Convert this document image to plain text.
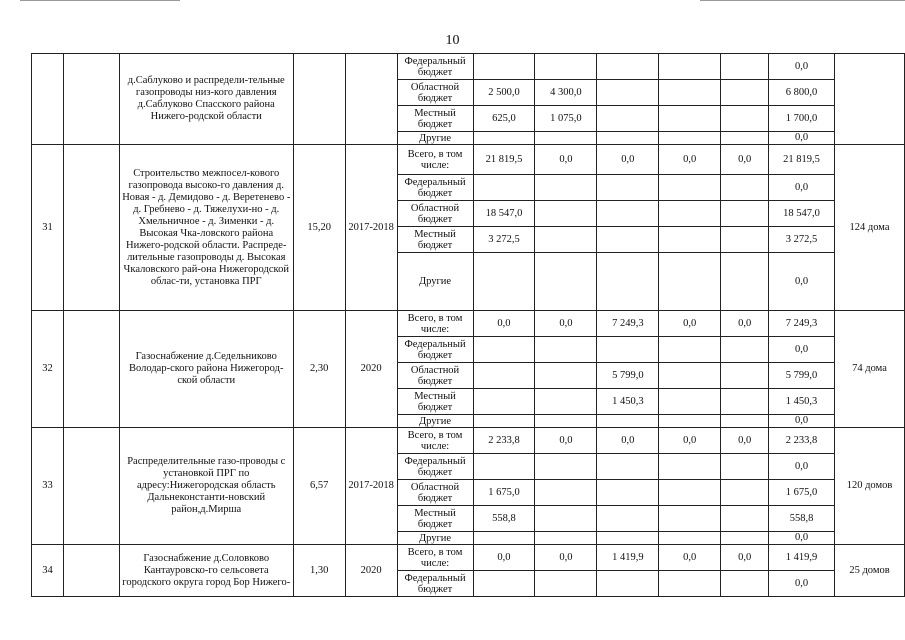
10
		д.Саблуково и распредели-тельные газопроводы низ-кого давления д.Саблуково Спасского района Нижего-родской области			Федеральный бюджет						0,0	
					Областной бюджет	2 500,0	4 300,0				6 800,0	
					Местный бюджет	625,0	1 075,0				1 700,0	
					Другие						0,0	
31		Строительство межпосел-кового газопровода высоко-го давления д. Новая - д. Демидово - д. Веретенево - д. Гребнево - д. Тяжелухи-но - д. Хмельничное - д. Зименки - д. Высокая Чка-ловского района Нижего-родской области. Распреде-лительные газопроводы д. Высокая Чкаловского рай-она Нижегородской облас-ти, установка ПРГ	15,20	2017-2018	Всего, в том числе:	21 819,5	0,0	0,0	0,0	0,0	21 819,5	124 дома
					Федеральный бюджет						0,0	
					Областной бюджет	18 547,0					18 547,0	
					Местный бюджет	3 272,5					3 272,5	
					Другие						0,0	
32		Газоснабжение д.Седельниково Володар-ского района Нижегород-ской области	2,30	2020	Всего, в том числе:	0,0	0,0	7 249,3	0,0	0,0	7 249,3	74 дома
					Федеральный бюджет						0,0	
					Областной бюджет			5 799,0			5 799,0	
					Местный бюджет			1 450,3			1 450,3	
					Другие						0,0	
33		Распределительные газо-проводы с установкой ПРГ по адресу:Нижегородская область Дальнеконстанти-новский район,д.Мирша	6,57	2017-2018	Всего, в том числе:	2 233,8	0,0	0,0	0,0	0,0	2 233,8	120 домов
					Федеральный бюджет						0,0	
					Областной бюджет	1 675,0					1 675,0	
					Местный бюджет	558,8					558,8	
					Другие						0,0	
34		Газоснабжение д.Соловково Кантауровско-го сельсовета городского округа город Бор Нижего-	1,30	2020	Всего, в том числе:	0,0	0,0	1 419,9	0,0	0,0	1 419,9	25 домов
					Федеральный бюджет						0,0	
